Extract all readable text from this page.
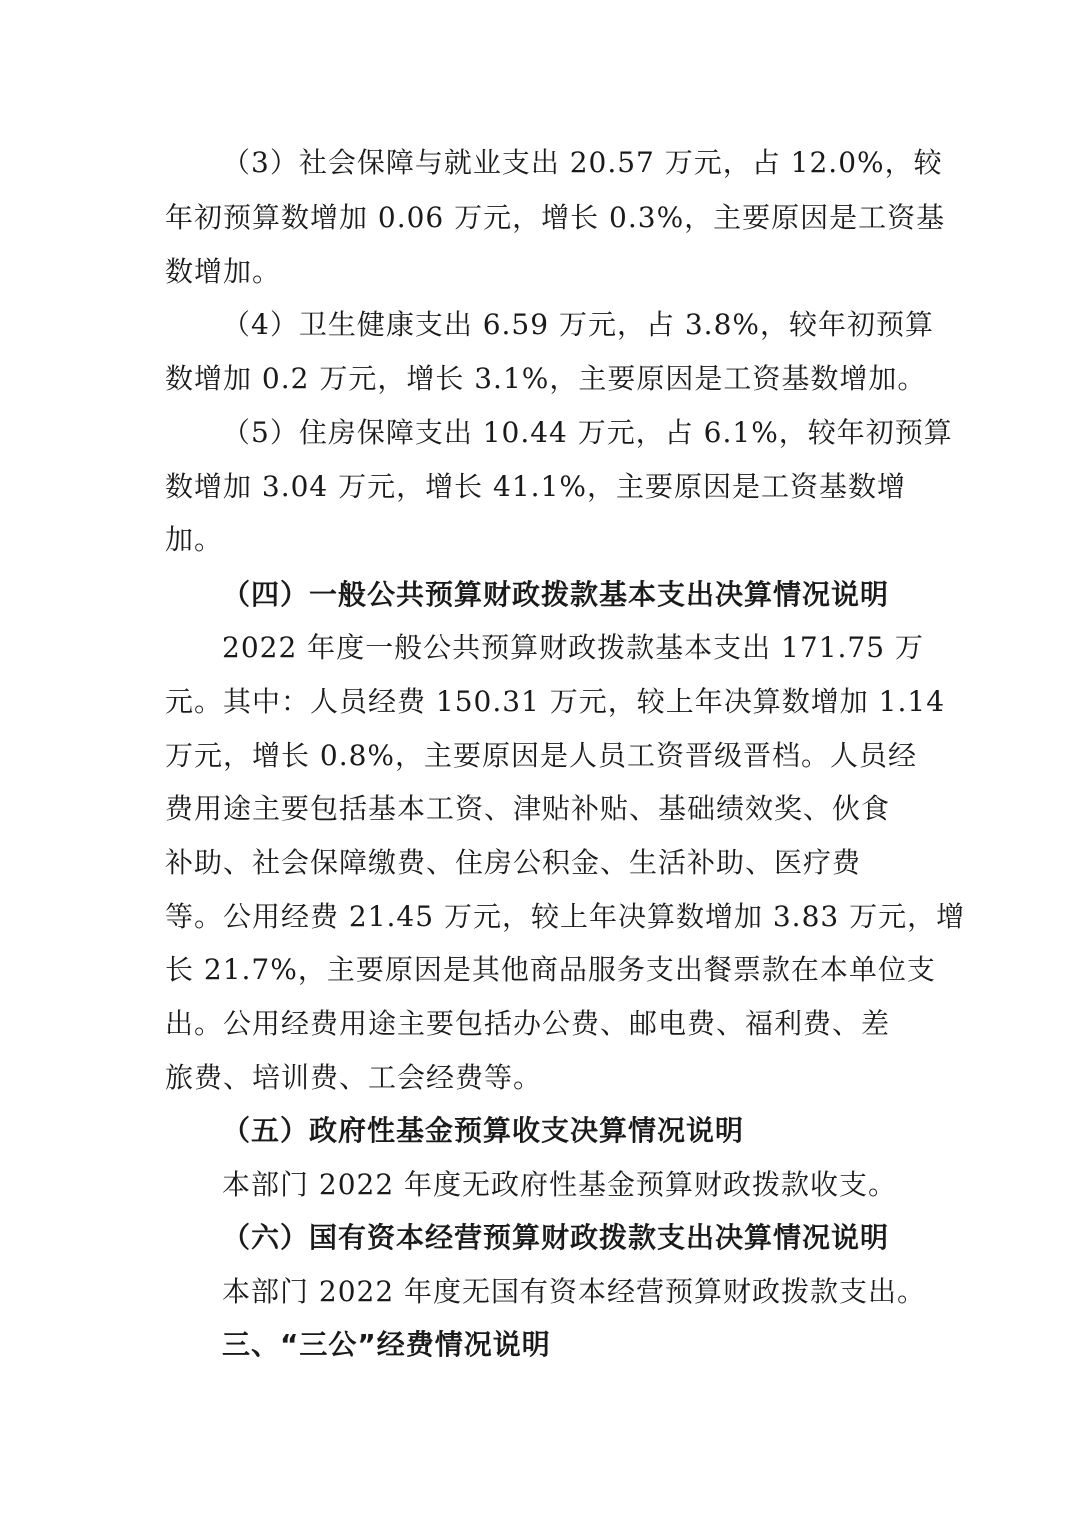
（3）社会保障与就业支出 20.57 万元，占 12.0%，较
年初预算数增加 0.06 万元，增长 0.3%，主要原因是工资基
数增加。
（4）卫生健康支出 6.59 万元，占 3.8%，较年初预算
数增加 0.2 万元，增长 3.1%，主要原因是工资基数增加。
（5）住房保障支出 10.44 万元，占 6.1%，较年初预算
数增加 3.04 万元，增长 41.1%，主要原因是工资基数增
加。
（四）一般公共预算财政拨款基本支出决算情况说明
2022 年度一般公共预算财政拨款基本支出 171.75 万
元。其中：人员经费 150.31 万元，较上年决算数增加 1.14
万元，增长 0.8%，主要原因是人员工资晋级晋档。人员经
费用途主要包括基本工资、津贴补贴、基础绩效奖、伙食
补助、社会保障缴费、住房公积金、生活补助、医疗费
等。公用经费 21.45 万元，较上年决算数增加 3.83 万元，增
长 21.7%，主要原因是其他商品服务支出餐票款在本单位支
出。公用经费用途主要包括办公费、邮电费、福利费、差
旅费、培训费、工会经费等。
（五）政府性基金预算收支决算情况说明
本部门 2022 年度无政府性基金预算财政拨款收支。
（六）国有资本经营预算财政拨款支出决算情况说明
本部门 2022 年度无国有资本经营预算财政拨款支出。
三、“三公”经费情况说明
